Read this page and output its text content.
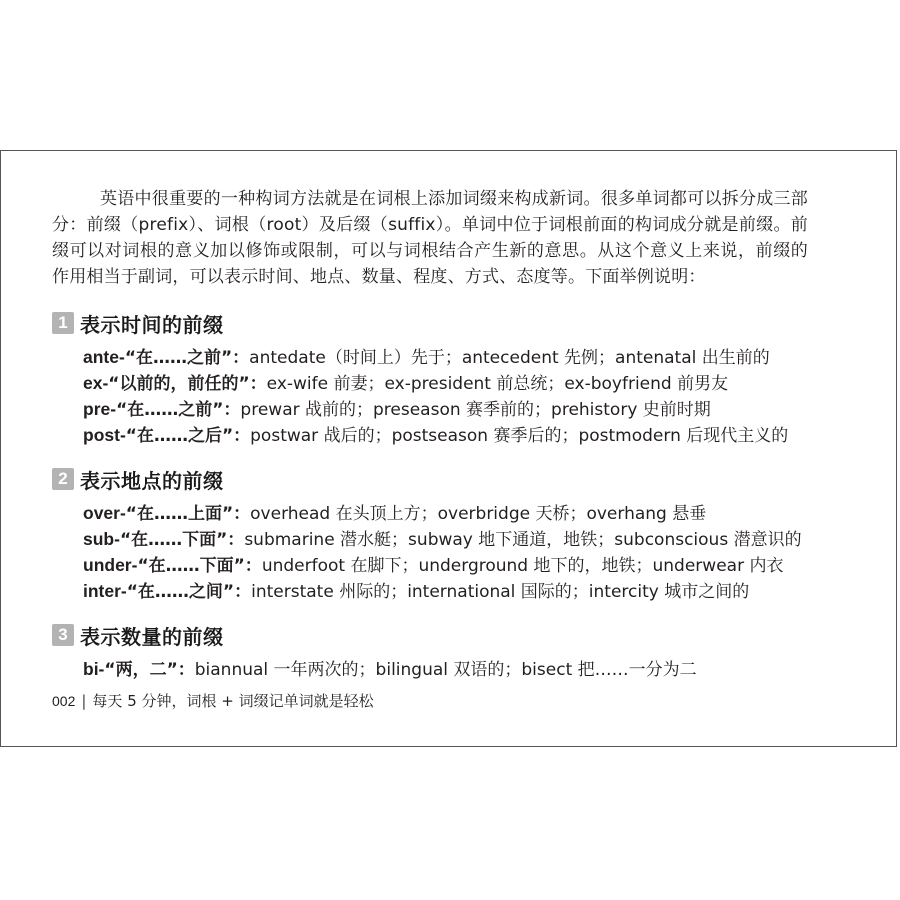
英语中很重要的一种构词方法就是在词根上添加词缀来构成新词。很多单词都可以拆分成三部分：前缀（prefix）、词根（root）及后缀（suffix）。单词中位于词根前面的构词成分就是前缀。前缀可以对词根的意义加以修饰或限制，可以与词根结合产生新的意思。从这个意义上来说，前缀的作用相当于副词，可以表示时间、地点、数量、程度、方式、态度等。下面举例说明：

1 表示时间的前缀
ante-“在……之前”：antedate（时间上）先于；antecedent 先例；antenatal 出生前的
ex-“以前的，前任的”：ex-wife 前妻；ex-president 前总统；ex-boyfriend 前男友
pre-“在……之前”：prewar 战前的；preseason 赛季前的；prehistory 史前时期
post-“在……之后”：postwar 战后的；postseason 赛季后的；postmodern 后现代主义的
2 表示地点的前缀
over-“在……上面”：overhead 在头顶上方；overbridge 天桥；overhang 悬垂
sub-“在……下面”：submarine 潜水艇；subway 地下通道，地铁；subconscious 潜意识的
under-“在……下面”：underfoot 在脚下；underground 地下的，地铁；underwear 内衣
inter-“在……之间”：interstate 州际的；international 国际的；intercity 城市之间的
3 表示数量的前缀
bi-“两，二”：biannual 一年两次的；bilingual 双语的；bisect 把……一分为二
002 | 每天 5 分钟，词根 + 词缀记单词就是轻松
